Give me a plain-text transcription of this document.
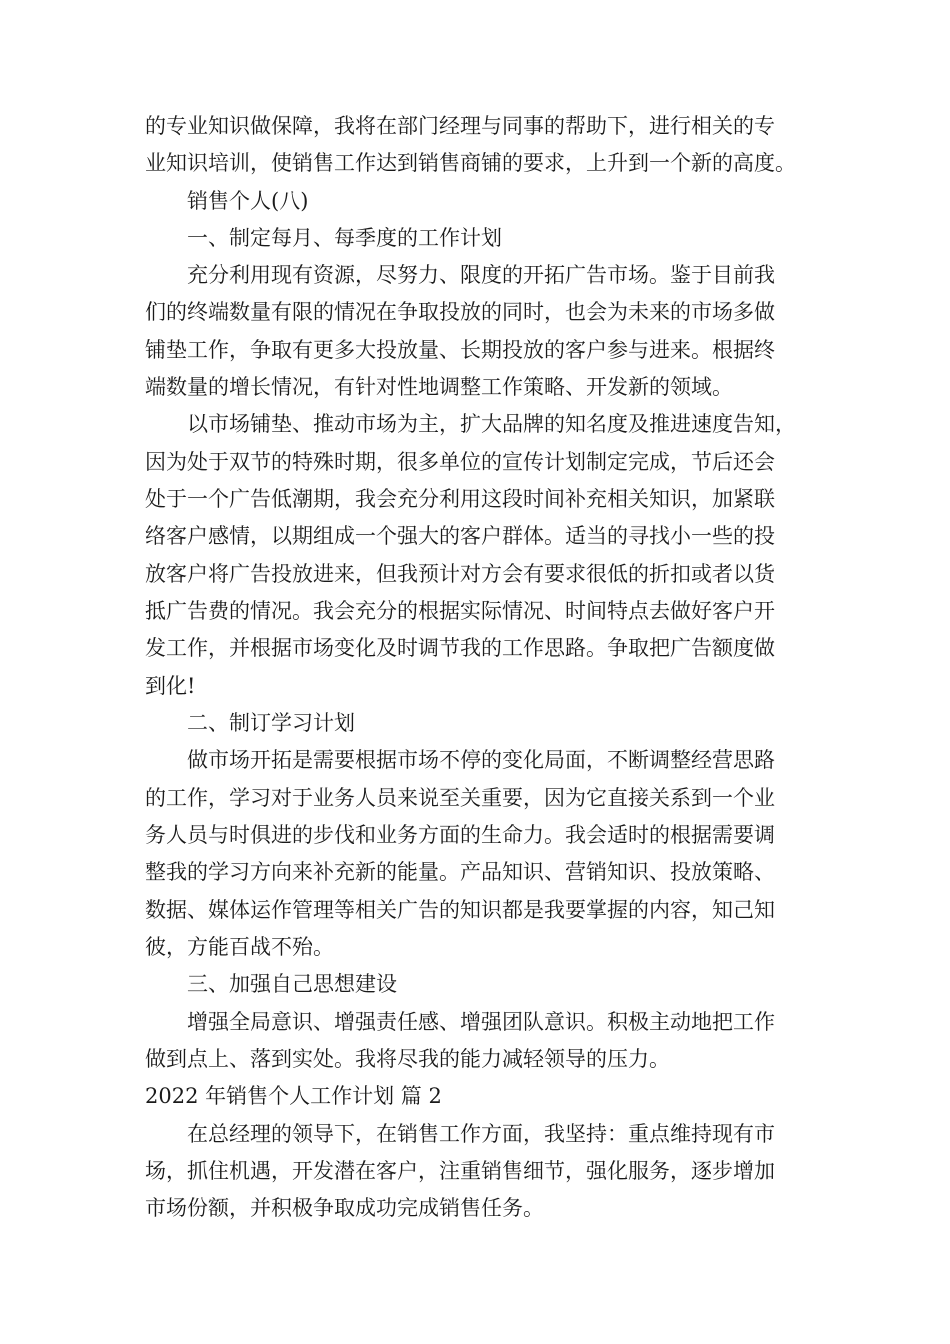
的专业知识做保障，我将在部门经理与同事的帮助下，进行相关的专
业知识培训，使销售工作达到销售商铺的要求，上升到一个新的高度。
销售个人(八)
一、制定每月、每季度的工作计划
充分利用现有资源，尽努力、限度的开拓广告市场。鉴于目前我
们的终端数量有限的情况在争取投放的同时，也会为未来的市场多做
铺垫工作，争取有更多大投放量、长期投放的客户参与进来。根据终
端数量的增长情况，有针对性地调整工作策略、开发新的领域。
以市场铺垫、推动市场为主，扩大品牌的知名度及推进速度告知，
因为处于双节的特殊时期，很多单位的宣传计划制定完成，节后还会
处于一个广告低潮期，我会充分利用这段时间补充相关知识，加紧联
络客户感情，以期组成一个强大的客户群体。适当的寻找小一些的投
放客户将广告投放进来，但我预计对方会有要求很低的折扣或者以货
抵广告费的情况。我会充分的根据实际情况、时间特点去做好客户开
发工作，并根据市场变化及时调节我的工作思路。争取把广告额度做
到化!
二、制订学习计划
做市场开拓是需要根据市场不停的变化局面，不断调整经营思路
的工作，学习对于业务人员来说至关重要，因为它直接关系到一个业
务人员与时俱进的步伐和业务方面的生命力。我会适时的根据需要调
整我的学习方向来补充新的能量。产品知识、营销知识、投放策略、
数据、媒体运作管理等相关广告的知识都是我要掌握的内容，知己知
彼，方能百战不殆。
三、加强自己思想建设
增强全局意识、增强责任感、增强团队意识。积极主动地把工作
做到点上、落到实处。我将尽我的能力减轻领导的压力。
2022 年销售个人工作计划 篇 2
在总经理的领导下，在销售工作方面，我坚持：重点维持现有市
场，抓住机遇，开发潜在客户，注重销售细节，强化服务，逐步增加
市场份额，并积极争取成功完成销售任务。
